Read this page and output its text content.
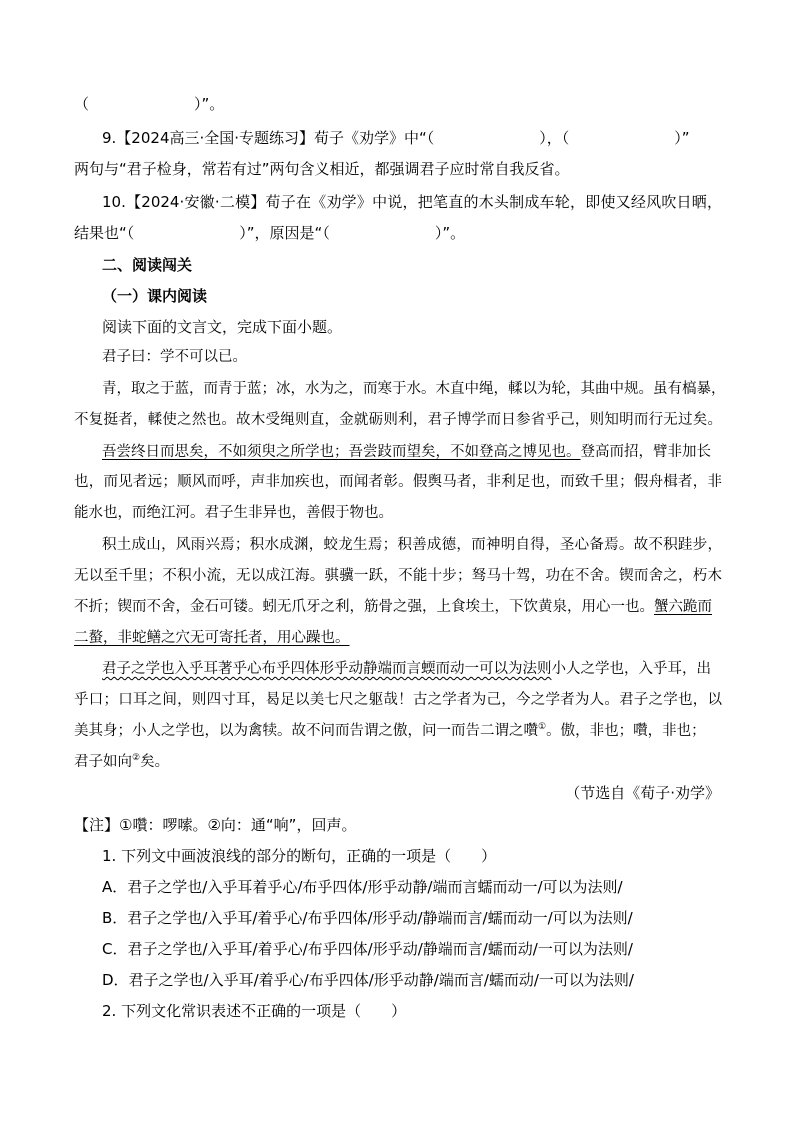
（　　　　　　　）”。
9.【2024高三·全国·专题练习】荀子《劝学》中“（　　　　　　　），（　　　　　　　）”
两句与“君子检身，常若有过”两句含义相近，都强调君子应时常自我反省。
10.【2024·安徽·二模】荀子在《劝学》中说，把笔直的木头制成车轮，即使又经风吹日晒，
结果也“（　　　　　　　）”，原因是“（　　　　　　　）”。
二、阅读闯关
（一）课内阅读
阅读下面的文言文，完成下面小题。
君子曰：学不可以已。
青，取之于蓝，而青于蓝；冰，水为之，而寒于水。木直中绳，輮以为轮，其曲中规。虽有槁暴，
不复挺者，輮使之然也。故木受绳则直，金就砺则利，君子博学而日参省乎己，则知明而行无过矣。
吾尝终日而思矣，不如须臾之所学也；吾尝跂而望矣，不如登高之博见也。登高而招，臂非加长
也，而见者远；顺风而呼，声非加疾也，而闻者彰。假舆马者，非利足也，而致千里；假舟楫者，非
能水也，而绝江河。君子生非异也，善假于物也。
积土成山，风雨兴焉；积水成渊，蛟龙生焉；积善成德，而神明自得，圣心备焉。故不积跬步，
无以至千里；不积小流，无以成江海。骐骥一跃，不能十步；驽马十驾，功在不舍。锲而舍之，朽木
不折；锲而不舍，金石可镂。蚓无爪牙之利，筋骨之强，上食埃土，下饮黄泉，用心一也。蟹六跪而
二螯，非蛇鳝之穴无可寄托者，用心躁也。
君子之学也入乎耳著乎心布乎四体形乎动静端而言蝡而动一可以为法则小人之学也，入乎耳，出
乎口；口耳之间，则四寸耳，曷足以美七尺之躯哉！古之学者为己，今之学者为人。君子之学也，以
美其身；小人之学也，以为禽犊。故不问而告谓之傲，问一而告二谓之囋①。傲，非也；囋，非也；
君子如向②矣。
（节选自《荀子·劝学》
【注】①囋：啰嗦。②向：通“响”，回声。
1. 下列文中画波浪线的部分的断句，正确的一项是（　　）
A．君子之学也/入乎耳着乎心/布乎四体/形乎动静/端而言蠕而动一/可以为法则/
B．君子之学也/入乎耳/着乎心/布乎四体/形乎动/静端而言/蠕而动一/可以为法则/
C．君子之学也/入乎耳/着乎心/布乎四体/形乎动/静端而言/蠕而动/一可以为法则/
D．君子之学也/入乎耳/着乎心/布乎四体/形乎动静/端而言/蠕而动/一可以为法则/
2. 下列文化常识表述不正确的一项是（　　）
